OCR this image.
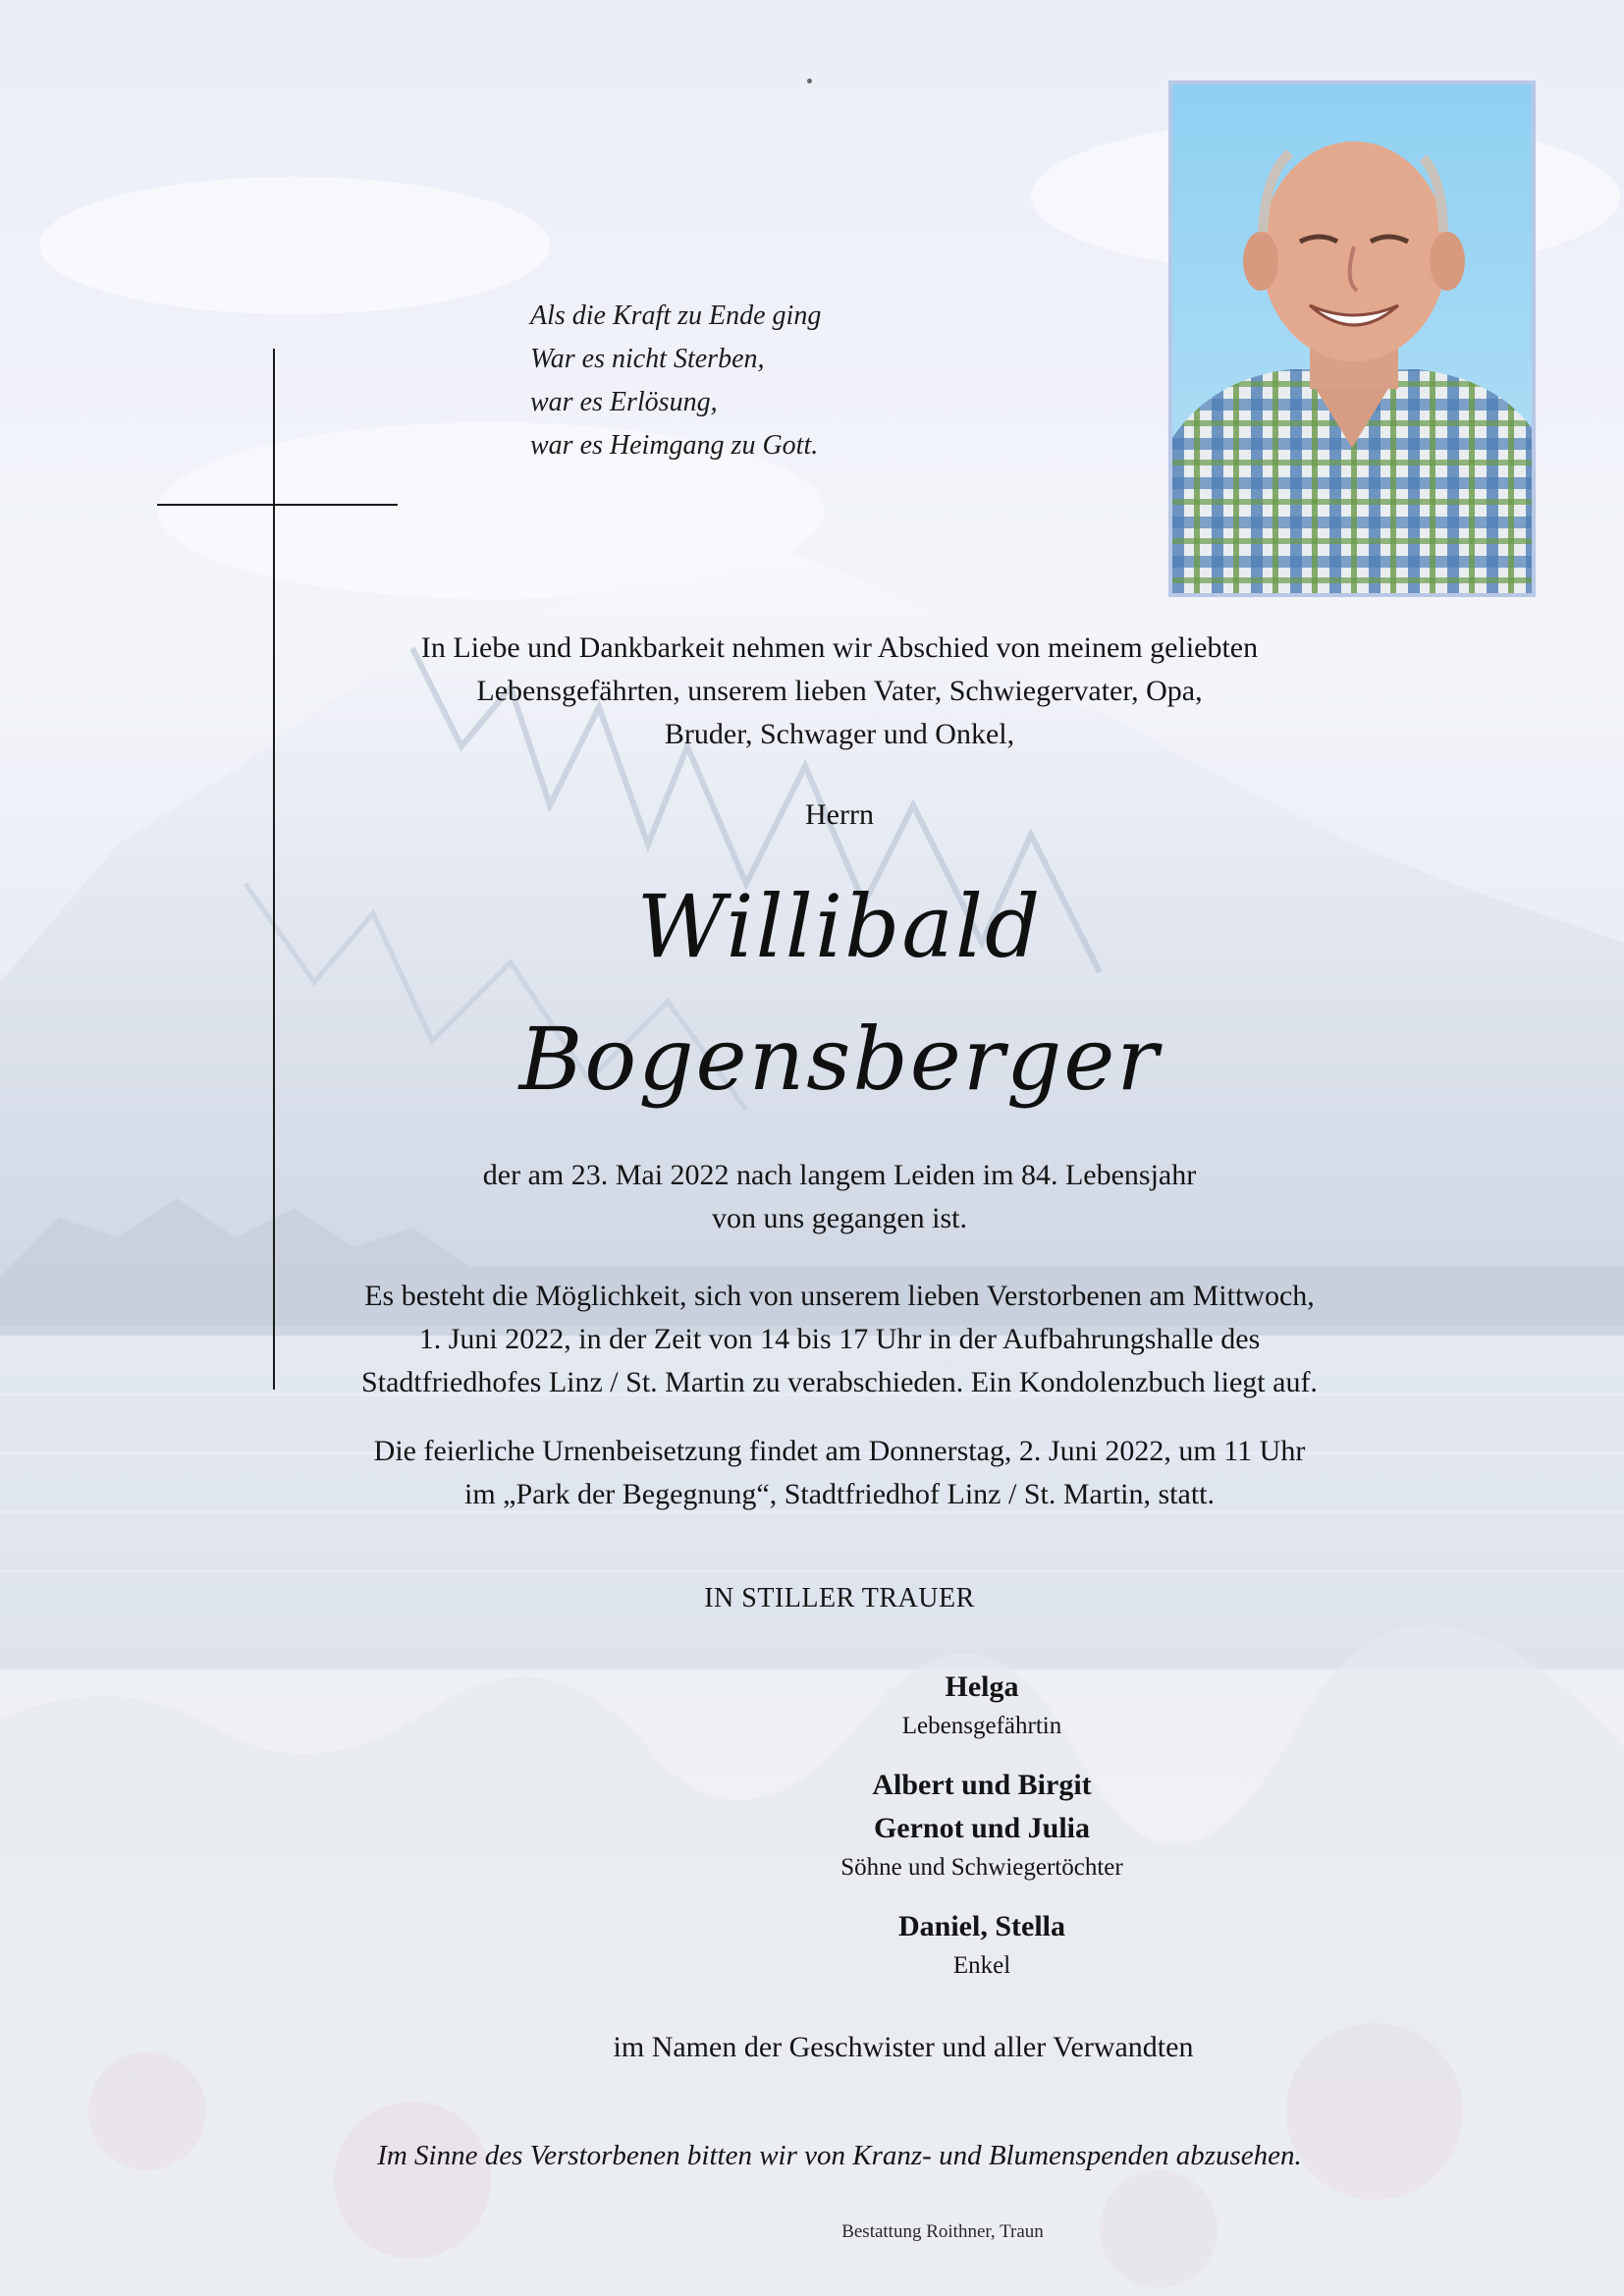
Als die Kraft zu Ende ging
War es nicht Sterben,
war es Erlösung,
war es Heimgang zu Gott.
In Liebe und Dankbarkeit nehmen wir Abschied von meinem geliebten
Lebensgefährten, unserem lieben Vater, Schwiegervater, Opa,
Bruder, Schwager und Onkel,
Herrn
Willibald
Bogensberger
der am 23. Mai 2022 nach langem Leiden im 84. Lebensjahr
von uns gegangen ist.
Es besteht die Möglichkeit, sich von unserem lieben Verstorbenen am Mittwoch,
1. Juni 2022, in der Zeit von 14 bis 17 Uhr in der Aufbahrungshalle des
Stadtfriedhofes Linz / St. Martin zu verabschieden. Ein Kondolenzbuch liegt auf.
Die feierliche Urnenbeisetzung findet am Donnerstag, 2. Juni 2022, um 11 Uhr
im „Park der Begegnung“, Stadtfriedhof Linz / St. Martin, statt.
IN STILLER TRAUER
Helga
Lebensgefährtin
Albert und Birgit
Gernot und Julia
Söhne und Schwiegertöchter
Daniel, Stella
Enkel
im Namen der Geschwister und aller Verwandten
Im Sinne des Verstorbenen bitten wir von Kranz- und Blumenspenden abzusehen.
Bestattung Roithner, Traun
